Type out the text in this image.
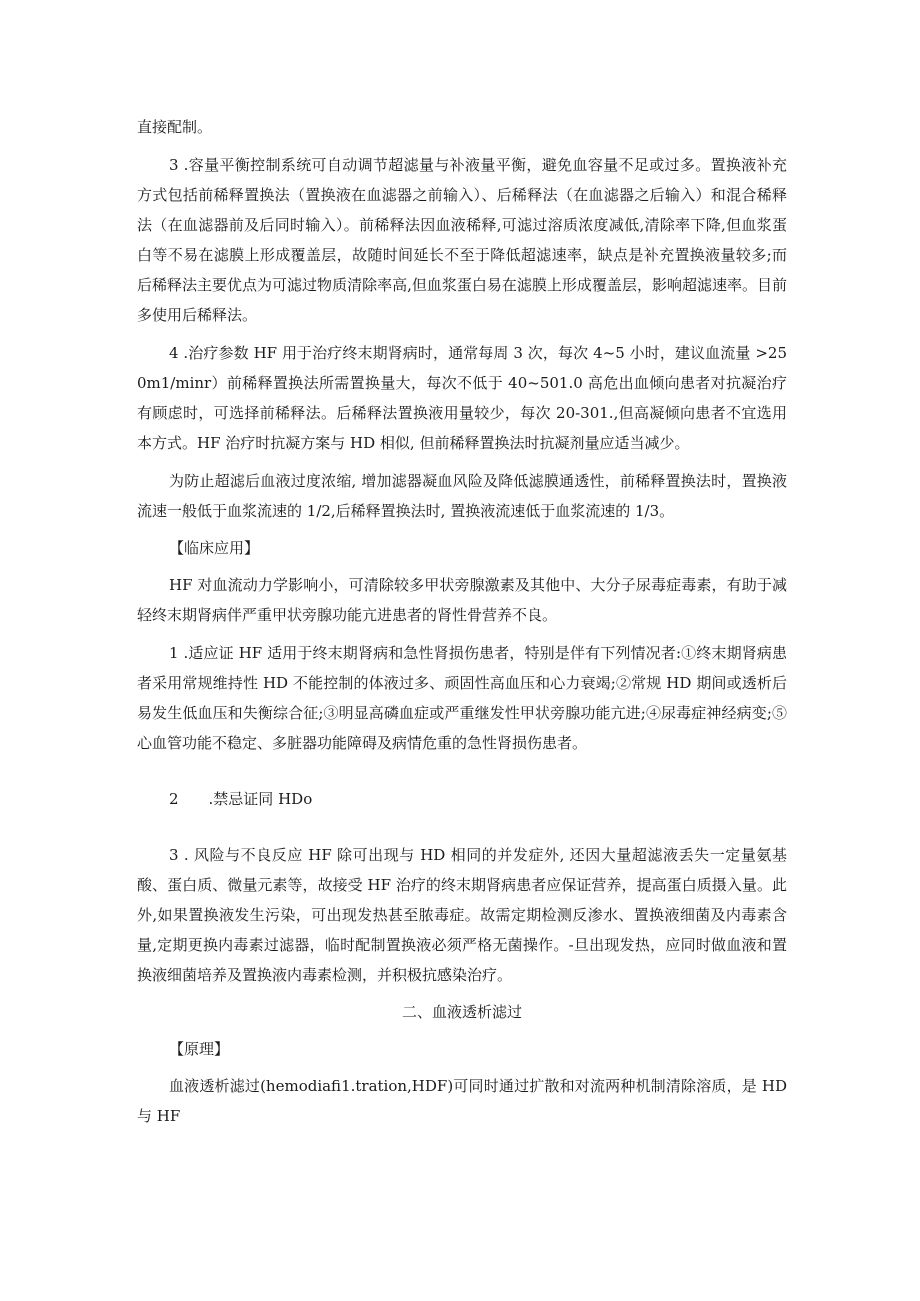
直接配制。

3 .容量平衡控制系统可自动调节超滤量与补液量平衡，避免血容量不足或过多。置换液补充方式包括前稀释置换法（置换液在血滤器之前输入）、后稀释法（在血滤器之后输入）和混合稀释法（在血滤器前及后同时输入）。前稀释法因血液稀释,可滤过溶质浓度减低,清除率下降,但血浆蛋白等不易在滤膜上形成覆盖层，故随时间延长不至于降低超滤速率，缺点是补充置换液量较多;而后稀释法主要优点为可滤过物质清除率高,但血浆蛋白易在滤膜上形成覆盖层，影响超滤速率。目前多使用后稀释法。

4 .治疗参数 HF 用于治疗终末期肾病时，通常每周 3 次，每次 4~5 小时，建议血流量 >250m1∕minr）前稀释置换法所需置换量大，每次不低于 40~501.0 高危出血倾向患者对抗凝治疗有顾虑时，可选择前稀释法。后稀释法置换液用量较少，每次 20-301.,但高凝倾向患者不宜选用本方式。HF 治疗时抗凝方案与 HD 相似, 但前稀释置换法时抗凝剂量应适当减少。

为防止超滤后血液过度浓缩, 增加滤器凝血风险及降低滤膜通透性，前稀释置换法时，置换液流速一般低于血浆流速的 1/2,后稀释置换法时, 置换液流速低于血浆流速的 1/3。

【临床应用】

HF 对血流动力学影响小，可清除较多甲状旁腺激素及其他中、大分子尿毒症毒素，有助于减轻终末期肾病伴严重甲状旁腺功能亢进患者的肾性骨营养不良。

1 .适应证 HF 适用于终末期肾病和急性肾损伤患者，特别是伴有下列情况者:①终末期肾病患者采用常规维持性 HD 不能控制的体液过多、顽固性高血压和心力衰竭;②常规 HD 期间或透析后易发生低血压和失衡综合征;③明显高磷血症或严重继发性甲状旁腺功能亢进;④尿毒症神经病变;⑤心血管功能不稳定、多脏器功能障碍及病情危重的急性肾损伤患者。

2　　.禁忌证同 HDo

3 . 风险与不良反应 HF 除可出现与 HD 相同的并发症外, 还因大量超滤液丢失一定量氨基酸、蛋白质、微量元素等，故接受 HF 治疗的终末期肾病患者应保证营养，提高蛋白质摄入量。此外,如果置换液发生污染，可出现发热甚至脓毒症。故需定期检测反渗水、置换液细菌及内毒素含量,定期更换内毒素过滤器，临时配制置换液必须严格无菌操作。-旦出现发热，应同时做血液和置换液细菌培养及置换液内毒素检测，并积极抗感染治疗。

二、血液透析滤过

【原理】

血液透析滤过(hemodiafi1.tration,HDF)可同时通过扩散和对流两种机制清除溶质，是 HD 与 HF
